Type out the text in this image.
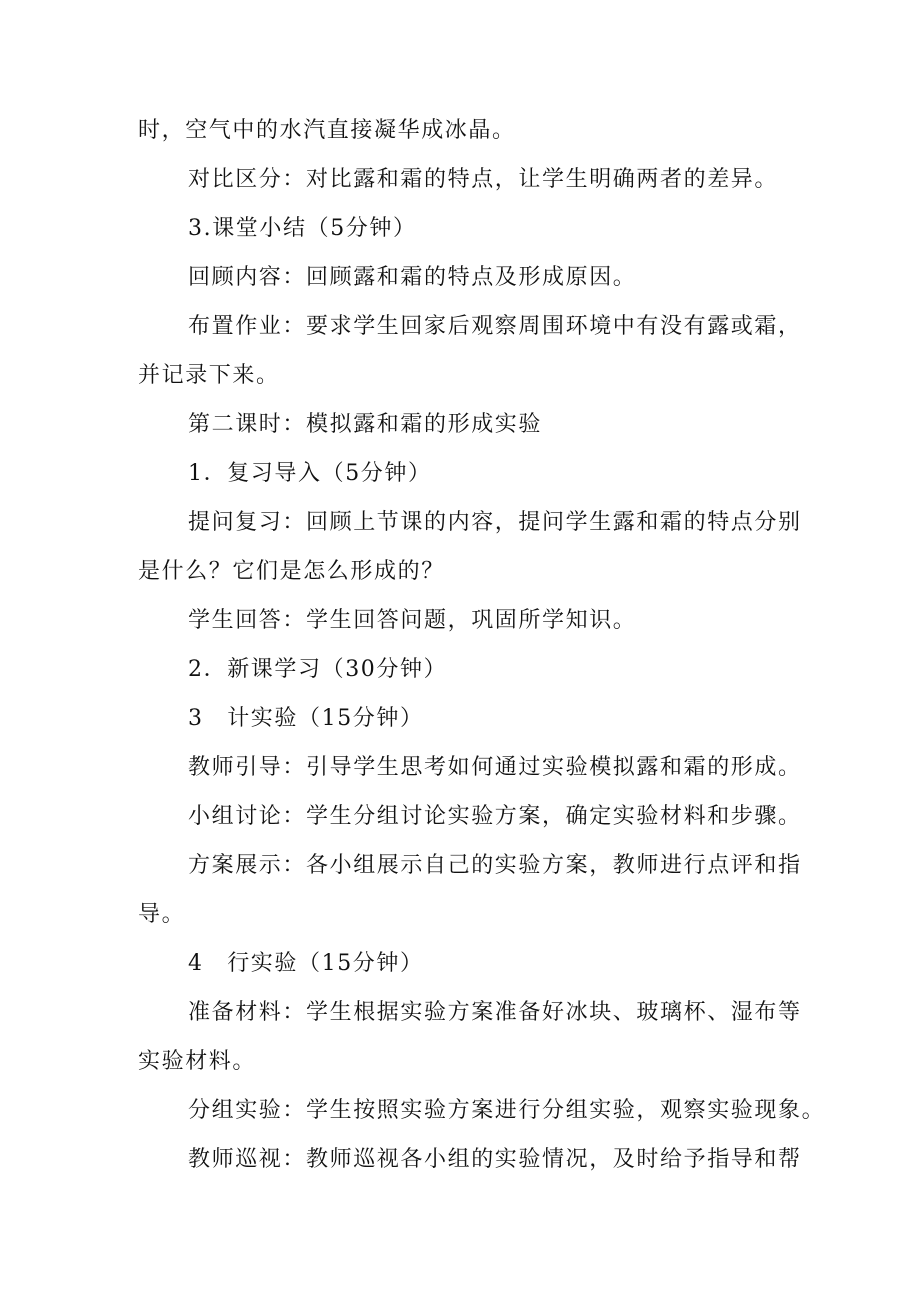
时，空气中的水汽直接凝华成冰晶。
对比区分：对比露和霜的特点，让学生明确两者的差异。
3.课堂小结（5分钟）
回顾内容：回顾露和霜的特点及形成原因。
布置作业：要求学生回家后观察周围环境中有没有露或霜，
并记录下来。
第二课时：模拟露和霜的形成实验
1．复习导入（5分钟）
提问复习：回顾上节课的内容，提问学生露和霜的特点分别
是什么？它们是怎么形成的？
学生回答：学生回答问题，巩固所学知识。
2．新课学习（30分钟）
3　计实验（15分钟）
教师引导：引导学生思考如何通过实验模拟露和霜的形成。
小组讨论：学生分组讨论实验方案，确定实验材料和步骤。
方案展示：各小组展示自己的实验方案，教师进行点评和指
导。
4　行实验（15分钟）
准备材料：学生根据实验方案准备好冰块、玻璃杯、湿布等
实验材料。
分组实验：学生按照实验方案进行分组实验，观察实验现象。
教师巡视：教师巡视各小组的实验情况，及时给予指导和帮
